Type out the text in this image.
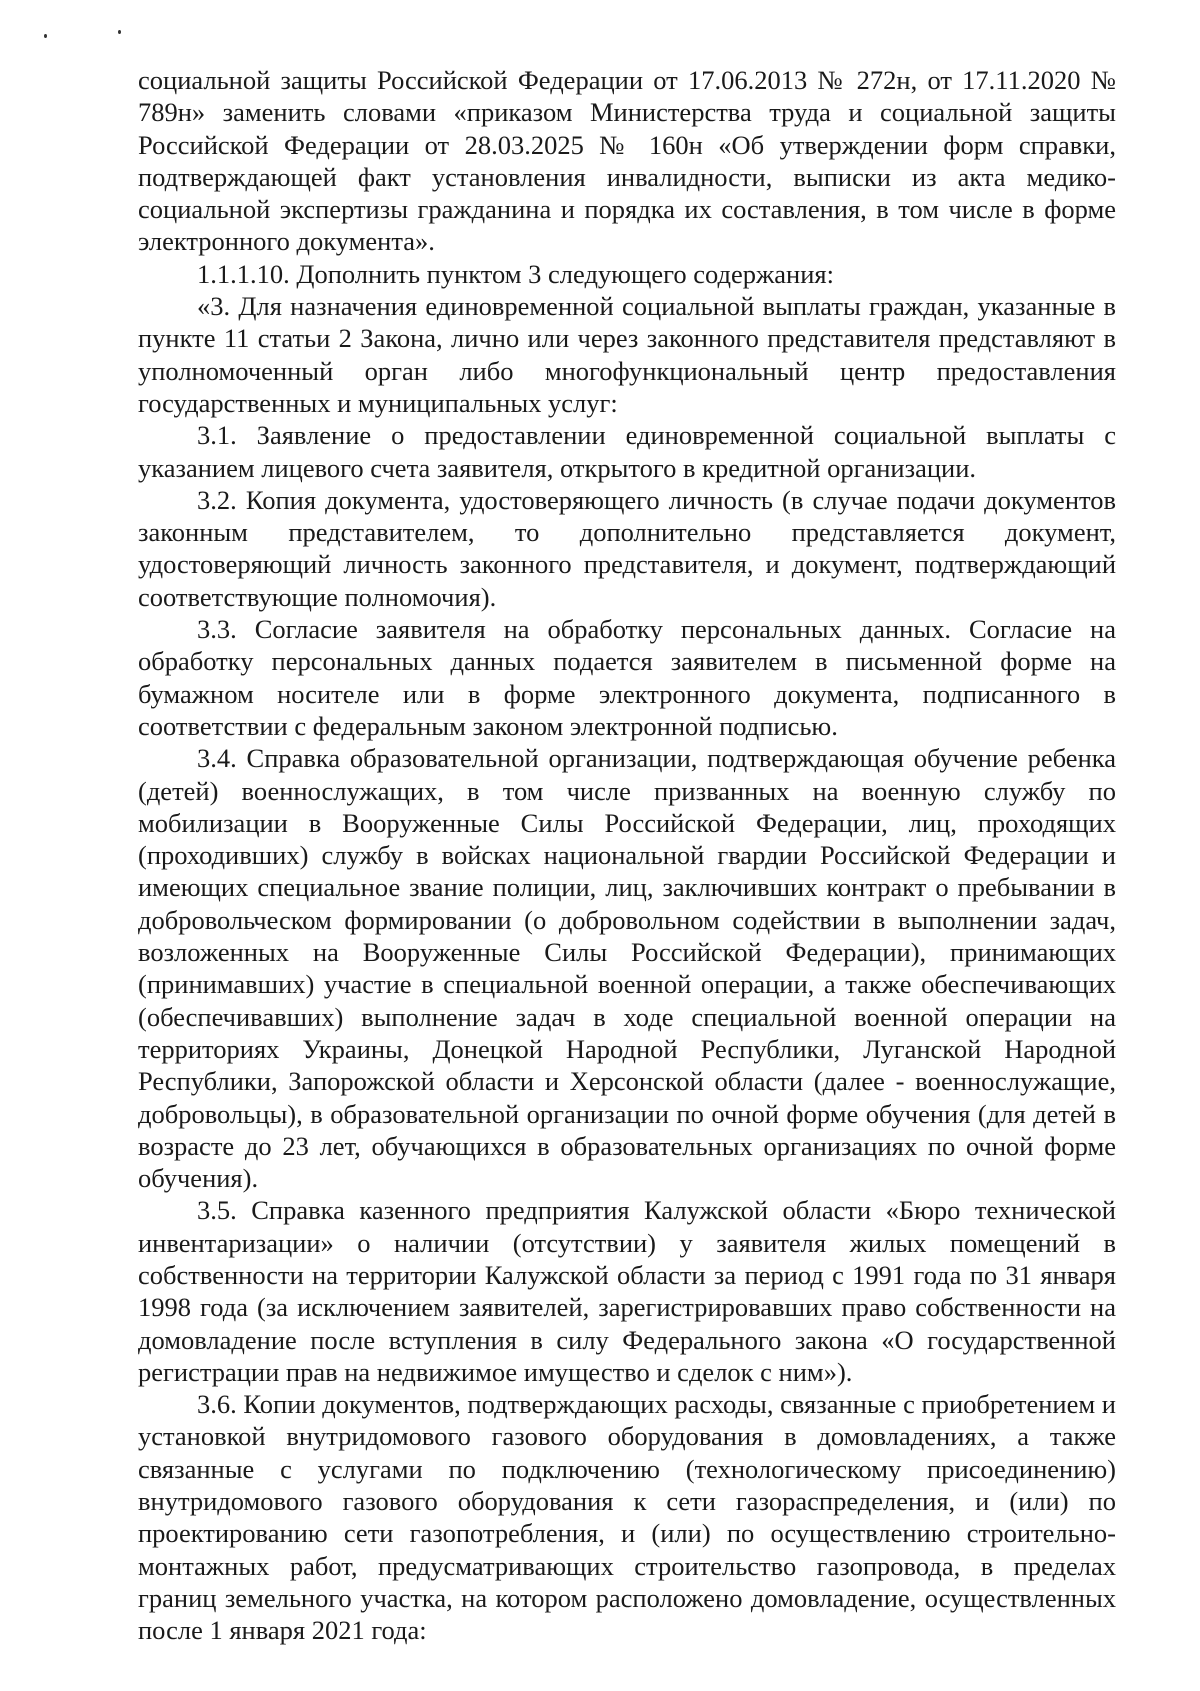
социальной защиты Российской Федерации от 17.06.2013 № 272н, от 17.11.2020 № 789н» заменить словами «приказом Министерства труда и социальной защиты Российской Федерации от 28.03.2025 № 160н «Об утверждении форм справки, подтверждающей факт установления инвалидности, выписки из акта медико-социальной экспертизы гражданина и порядка их составления, в том числе в форме электронного документа».

1.1.1.10. Дополнить пунктом 3 следующего содержания:

«3. Для назначения единовременной социальной выплаты граждан, указанные в пункте 11 статьи 2 Закона, лично или через законного представителя представляют в уполномоченный орган либо многофункциональный центр предоставления государственных и муниципальных услуг:

3.1. Заявление о предоставлении единовременной социальной выплаты с указанием лицевого счета заявителя, открытого в кредитной организации.

3.2. Копия документа, удостоверяющего личность (в случае подачи документов законным представителем, то дополнительно представляется документ, удостоверяющий личность законного представителя, и документ, подтверждающий соответствующие полномочия).

3.3. Согласие заявителя на обработку персональных данных. Согласие на обработку персональных данных подается заявителем в письменной форме на бумажном носителе или в форме электронного документа, подписанного в соответствии с федеральным законом электронной подписью.

3.4. Справка образовательной организации, подтверждающая обучение ребенка (детей) военнослужащих, в том числе призванных на военную службу по мобилизации в Вооруженные Силы Российской Федерации, лиц, проходящих (проходивших) службу в войсках национальной гвардии Российской Федерации и имеющих специальное звание полиции, лиц, заключивших контракт о пребывании в добровольческом формировании (о добровольном содействии в выполнении задач, возложенных на Вооруженные Силы Российской Федерации), принимающих (принимавших) участие в специальной военной операции, а также обеспечивающих (обеспечивавших) выполнение задач в ходе специальной военной операции на территориях Украины, Донецкой Народной Республики, Луганской Народной Республики, Запорожской области и Херсонской области (далее - военнослужащие, добровольцы), в образовательной организации по очной форме обучения (для детей в возрасте до 23 лет, обучающихся в образовательных организациях по очной форме обучения).

3.5. Справка казенного предприятия Калужской области «Бюро технической инвентаризации» о наличии (отсутствии) у заявителя жилых помещений в собственности на территории Калужской области за период с 1991 года по 31 января 1998 года (за исключением заявителей, зарегистрировавших право собственности на домовладение после вступления в силу Федерального закона «О государственной регистрации прав на недвижимое имущество и сделок с ним»).

3.6. Копии документов, подтверждающих расходы, связанные с приобретением и установкой внутридомового газового оборудования в домовладениях, а также связанные с услугами по подключению (технологическому присоединению) внутридомового газового оборудования к сети газораспределения, и (или) по проектированию сети газопотребления, и (или) по осуществлению строительно-монтажных работ, предусматривающих строительство газопровода, в пределах границ земельного участка, на котором расположено домовладение, осуществленных после 1 января 2021 года:
